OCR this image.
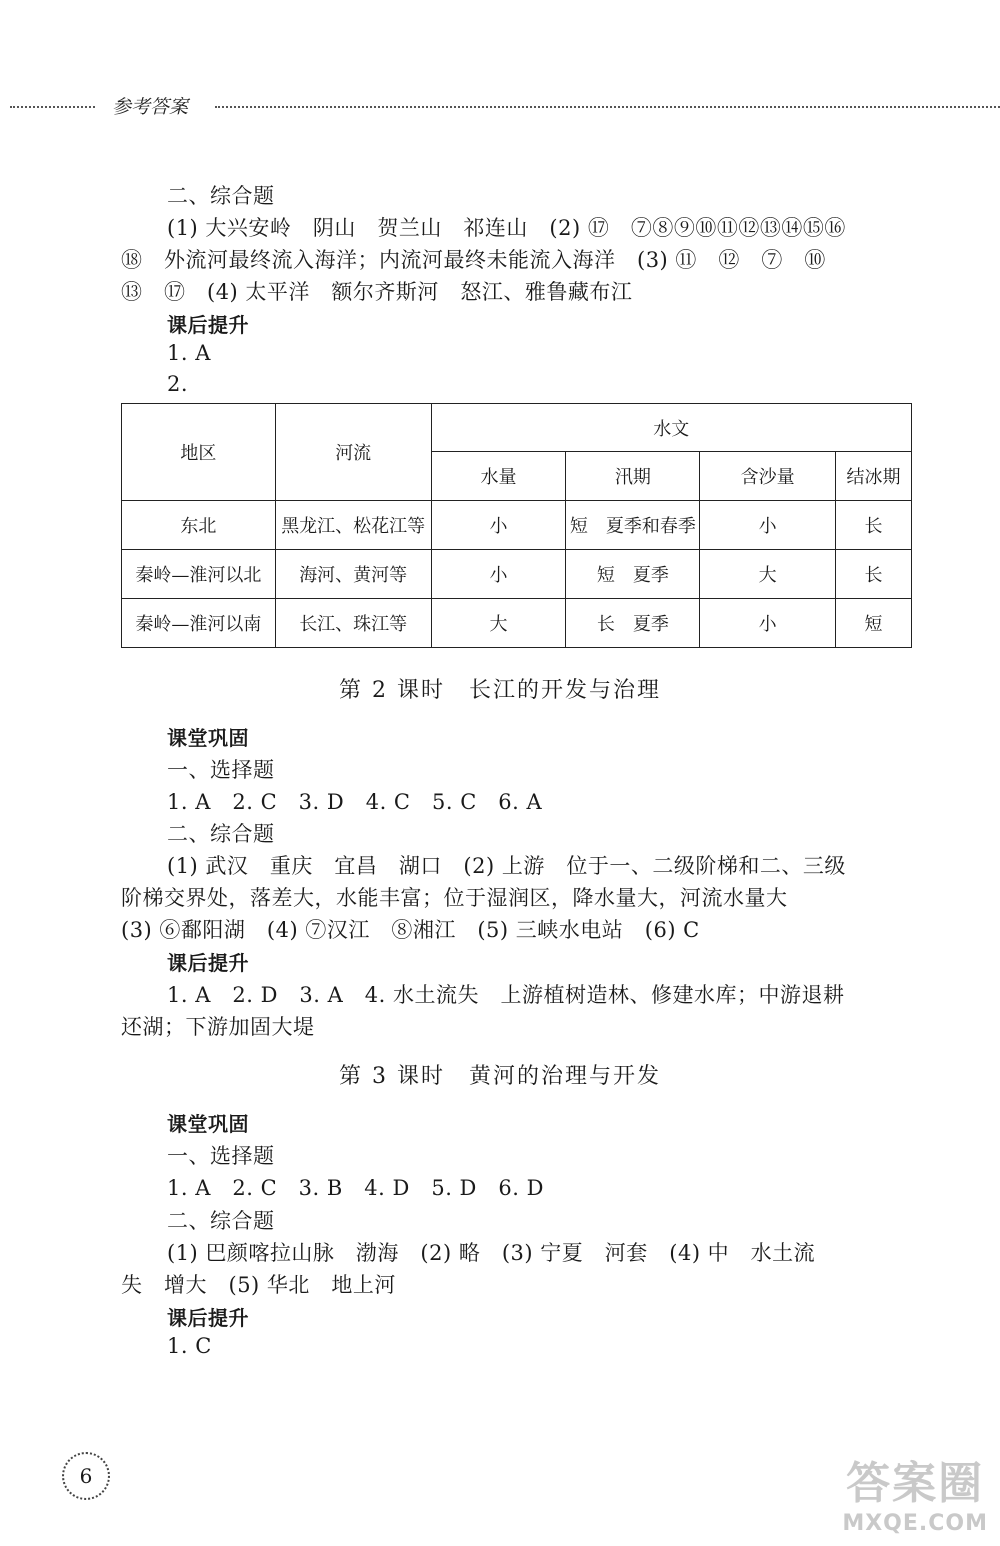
参考答案
二、综合题
(1) 大兴安岭　阴山　贺兰山　祁连山　(2) ⑰　⑦⑧⑨⑩⑪⑫⑬⑭⑮⑯
⑱　外流河最终流入海洋；内流河最终未能流入海洋　(3) ⑪　⑫　⑦　⑩
⑬　⑰　(4) 太平洋　额尔齐斯河　怒江、雅鲁藏布江
课后提升
1. A
2.
地区	河流	水文			
		水量	汛期	含沙量	结冰期
东北	黑龙江、松花江等	小	短　夏季和春季	小	长
秦岭—淮河以北	海河、黄河等	小	短　夏季	大	长
秦岭—淮河以南	长江、珠江等	大	长　夏季	小	短
第 2 课时　长江的开发与治理
课堂巩固
一、选择题
1. A　2. C　3. D　4. C　5. C　6. A
二、综合题
(1) 武汉　重庆　宜昌　湖口　(2) 上游　位于一、二级阶梯和二、三级
阶梯交界处，落差大，水能丰富；位于湿润区，降水量大，河流水量大
(3) ⑥鄱阳湖　(4) ⑦汉江　⑧湘江　(5) 三峡水电站　(6) C
课后提升
1. A　2. D　3. A　4. 水土流失　上游植树造林、修建水库；中游退耕
还湖；下游加固大堤
第 3 课时　黄河的治理与开发
课堂巩固
一、选择题
1. A　2. C　3. B　4. D　5. D　6. D
二、综合题
(1) 巴颜喀拉山脉　渤海　(2) 略　(3) 宁夏　河套　(4) 中　水土流
失　增大　(5) 华北　地上河
课后提升
1. C
6	答案圈
MXQE.COM
